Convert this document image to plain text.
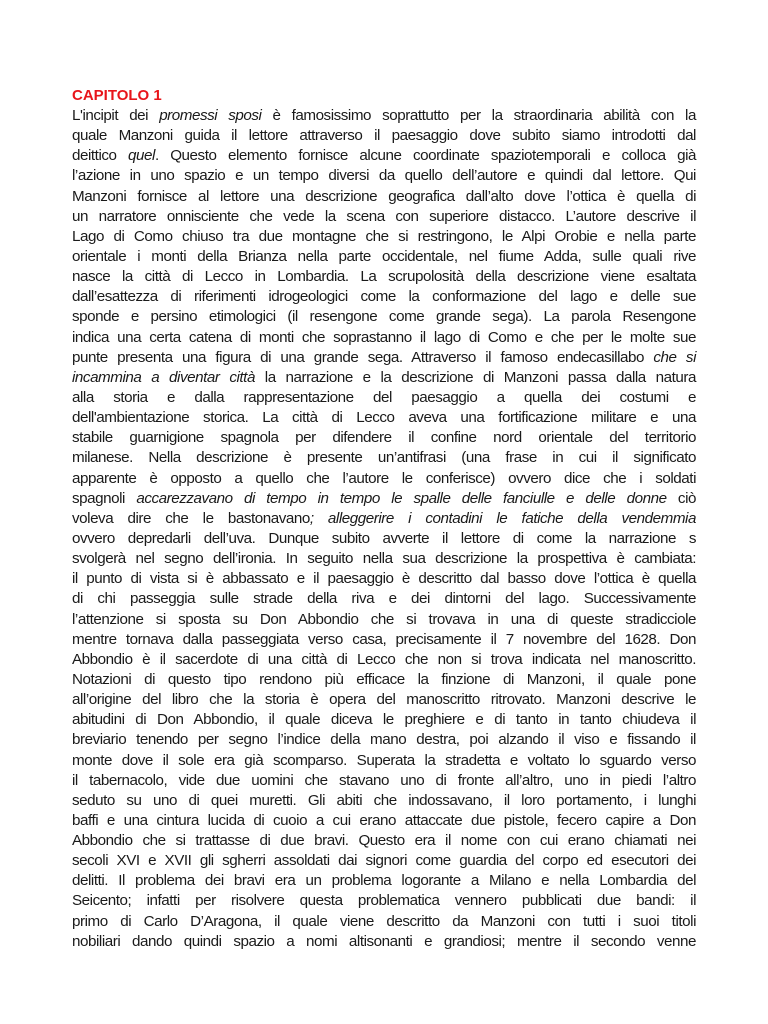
CAPITOLO 1
L'incipit dei promessi sposi è famosissimo soprattutto per la straordinaria abilità con la
quale Manzoni guida il lettore attraverso il paesaggio dove subito siamo introdotti dal
deittico quel. Questo elemento fornisce alcune coordinate spaziotemporali e colloca già
l’azione in uno spazio e un tempo diversi da quello dell’autore e quindi dal lettore. Qui
Manzoni fornisce al lettore una descrizione geografica dall’alto dove l’ottica è quella di
un narratore onnisciente che vede la scena con superiore distacco. L’autore descrive il
Lago di Como chiuso tra due montagne che si restringono, le Alpi Orobie e nella parte
orientale i monti della Brianza nella parte occidentale, nel fiume Adda, sulle quali rive
nasce la città di Lecco in Lombardia. La scrupolosità della descrizione viene esaltata
dall’esattezza di riferimenti idrogeologici come la conformazione del lago e delle sue
sponde e persino etimologici (il resengone come grande sega). La parola Resengone
indica una certa catena di monti che soprastanno il lago di Como e che per le molte sue
punte presenta una figura di una grande sega. Attraverso il famoso endecasillabo che si
incammina a diventar città la narrazione e la descrizione di Manzoni passa dalla natura
alla storia e dalla rappresentazione del paesaggio a quella dei costumi e
dell'ambientazione storica. La città di Lecco aveva una fortificazione militare e una
stabile guarnigione spagnola per difendere il confine nord orientale del territorio
milanese. Nella descrizione è presente un’antifrasi (una frase in cui il significato
apparente è opposto a quello che l’autore le conferisce) ovvero dice che i soldati
spagnoli accarezzavano di tempo in tempo le spalle delle fanciulle e delle donne ciò
voleva dire che le bastonavano; alleggerire i contadini le fatiche della vendemmia
ovvero depredarli dell’uva. Dunque subito avverte il lettore di come la narrazione s
svolgerà nel segno dell’ironia. In seguito nella sua descrizione la prospettiva è cambiata:
il punto di vista si è abbassato e il paesaggio è descritto dal basso dove l’ottica è quella
di chi passeggia sulle strade della riva e dei dintorni del lago. Successivamente
l’attenzione si sposta su Don Abbondio che si trovava in una di queste stradicciole
mentre tornava dalla passeggiata verso casa, precisamente il 7 novembre del 1628. Don
Abbondio è il sacerdote di una città di Lecco che non si trova indicata nel manoscritto.
Notazioni di questo tipo rendono più efficace la finzione di Manzoni, il quale pone
all’origine del libro che la storia è opera del manoscritto ritrovato. Manzoni descrive le
abitudini di Don Abbondio, il quale diceva le preghiere e di tanto in tanto chiudeva il
breviario tenendo per segno l’indice della mano destra, poi alzando il viso e fissando il
monte dove il sole era già scomparso. Superata la stradetta e voltato lo sguardo verso
il tabernacolo, vide due uomini che stavano uno di fronte all’altro, uno in piedi l’altro
seduto su uno di quei muretti. Gli abiti che indossavano, il loro portamento, i lunghi
baffi e una cintura lucida di cuoio a cui erano attaccate due pistole, fecero capire a Don
Abbondio che si trattasse di due bravi. Questo era il nome con cui erano chiamati nei
secoli XVI e XVII gli sgherri assoldati dai signori come guardia del corpo ed esecutori dei
delitti. Il problema dei bravi era un problema logorante a Milano e nella Lombardia del
Seicento; infatti per risolvere questa problematica vennero pubblicati due bandi: il
primo di Carlo D’Aragona, il quale viene descritto da Manzoni con tutti i suoi titoli
nobiliari dando quindi spazio a nomi altisonanti e grandiosi; mentre il secondo venne
